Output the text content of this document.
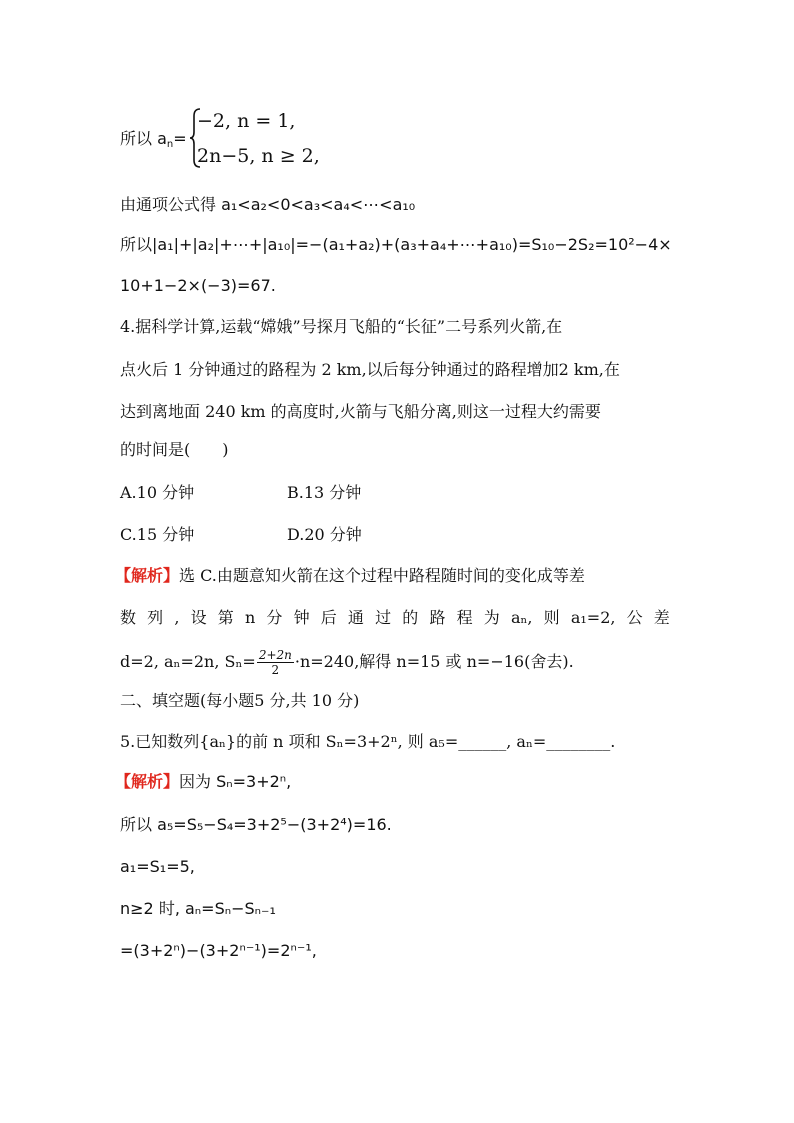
所以 $a_n=$
−2, n = 1,
2n−5, n ≥ 2,
由通项公式得 a₁<a₂<0<a₃<a₄<⋯<a₁₀
所以|a₁|+|a₂|+⋯+|a₁₀|=−(a₁+a₂)+(a₃+a₄+⋯+a₁₀)=S₁₀−2S₂=10²−4×
10+1−2×(−3)=67.
4.据科学计算,运载“嫦娥”号探月飞船的“长征”二号系列火箭,在
点火后 1 分钟通过的路程为 2 km,以后每分钟通过的路程增加2 km,在
达到离地面 240 km 的高度时,火箭与飞船分离,则这一过程大约需要
的时间是(　　)
A.10 分钟	B.13 分钟
C.15 分钟	D.20 分钟
【解析】选 C.由题意知火箭在这个过程中路程随时间的变化成等差
数 列 , 设 第 n 分 钟 后 通 过 的 路 程 为 aₙ, 则 a₁=2, 公 差
d=2, aₙ=2n, $S_n= \frac{2+2n}{2} \cdot n=240$,解得 n=15 或 n=−16(舍去).
二、填空题(每小题5 分,共 10 分)
5.已知数列{aₙ}的前 n 项和 Sₙ=3+2ⁿ, 则 a₅=______, aₙ=________.
【解析】因为 Sₙ=3+2ⁿ,
所以 a₅=S₅−S₄=3+2⁵−(3+2⁴)=16.
a₁=S₁=5,
n≥2 时, aₙ=Sₙ−Sₙ₋₁
=(3+2ⁿ)−(3+2ⁿ⁻¹)=2ⁿ⁻¹,
